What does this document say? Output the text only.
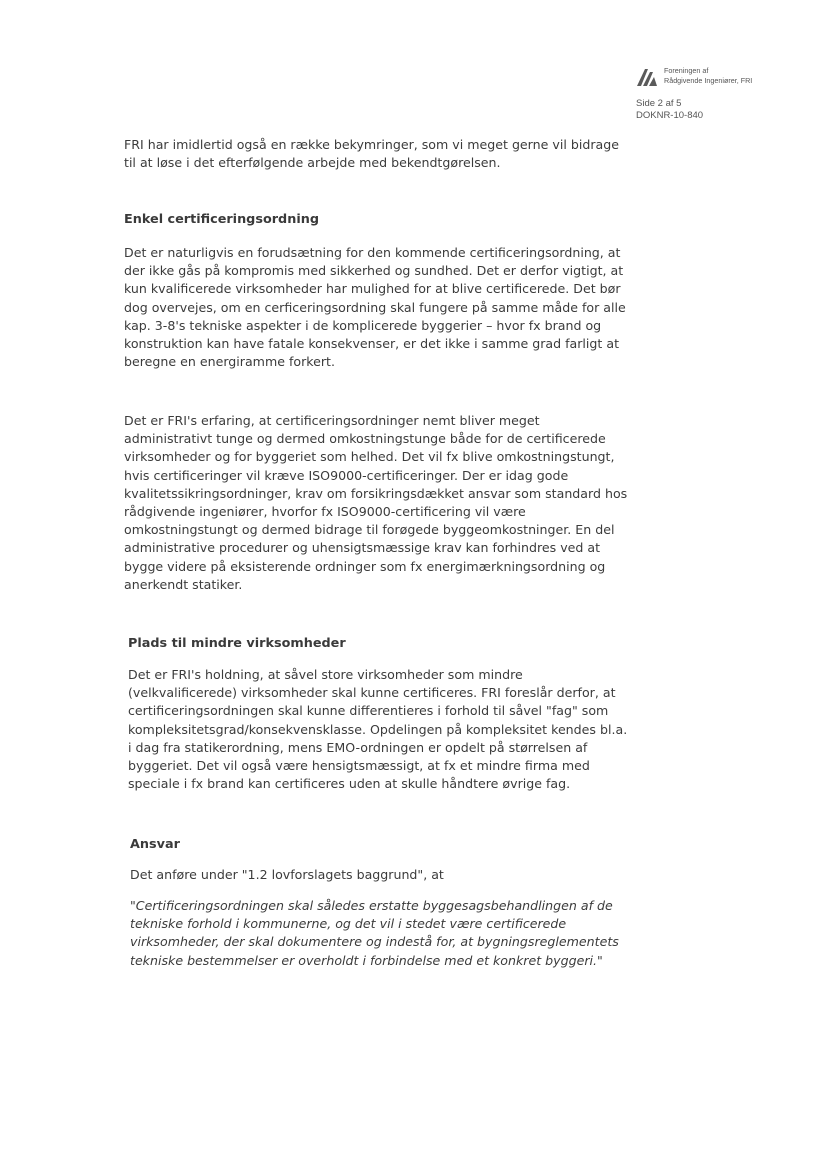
Foreningen af
Rådgivende Ingeniører, FRI
Side 2 af 5
DOKNR-10-840
FRI har imidlertid også en række bekymringer, som vi meget gerne vil bidrage
til at løse i det efterfølgende arbejde med bekendtgørelsen.
Enkel certificeringsordning
Det er naturligvis en forudsætning for den kommende certificeringsordning, at
der ikke gås på kompromis med sikkerhed og sundhed. Det er derfor vigtigt, at
kun kvalificerede virksomheder har mulighed for at blive certificerede. Det bør
dog overvejes, om en cerficeringsordning skal fungere på samme måde for alle
kap. 3-8's tekniske aspekter i de komplicerede byggerier – hvor fx brand og
konstruktion kan have fatale konsekvenser, er det ikke i samme grad farligt at
beregne en energiramme forkert.
Det er FRI's erfaring, at certificeringsordninger nemt bliver meget
administrativt tunge og dermed omkostningstunge både for de certificerede
virksomheder og for byggeriet som helhed. Det vil fx blive omkostningstungt,
hvis certificeringer vil kræve ISO9000-certificeringer. Der er idag gode
kvalitetssikringsordninger, krav om forsikringsdækket ansvar som standard hos
rådgivende ingeniører, hvorfor fx ISO9000-certificering vil være
omkostningstungt og dermed bidrage til forøgede byggeomkostninger. En del
administrative procedurer og uhensigtsmæssige krav kan forhindres ved at
bygge videre på eksisterende ordninger som fx energimærkningsordning og
anerkendt statiker.
Plads til mindre virksomheder
Det er FRI's holdning, at såvel store virksomheder som mindre
(velkvalificerede) virksomheder skal kunne certificeres. FRI foreslår derfor, at
certificeringsordningen skal kunne differentieres i forhold til såvel "fag" som
kompleksitetsgrad/konsekvensklasse. Opdelingen på kompleksitet kendes bl.a.
i dag fra statikerordning, mens EMO-ordningen er opdelt på størrelsen af
byggeriet. Det vil også være hensigtsmæssigt, at fx et mindre firma med
speciale i fx brand kan certificeres uden at skulle håndtere øvrige fag.
Ansvar
Det anføre under "1.2 lovforslagets baggrund", at
"Certificeringsordningen skal således erstatte byggesagsbehandlingen af de
tekniske forhold i kommunerne, og det vil i stedet være certificerede
virksomheder, der skal dokumentere og indestå for, at bygningsreglementets
tekniske bestemmelser er overholdt i forbindelse med et konkret byggeri."
